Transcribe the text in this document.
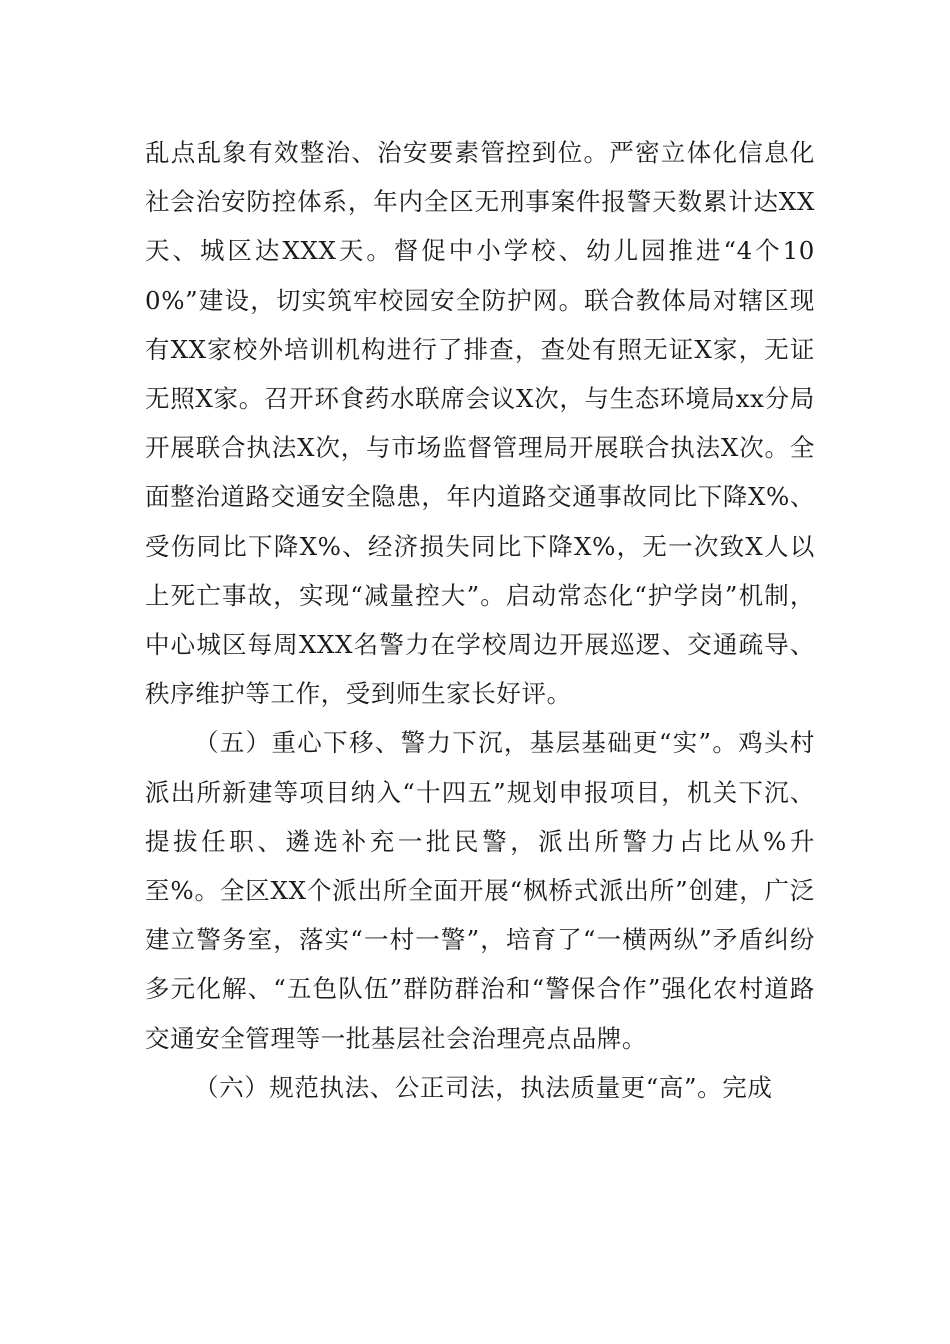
乱点乱象有效整治、治安要素管控到位。严密立体化信息化社会治安防控体系，年内全区无刑事案件报警天数累计达XX天、城区达XXX天。督促中小学校、幼儿园推进“4个100%”建设，切实筑牢校园安全防护网。联合教体局对辖区现有XX家校外培训机构进行了排查，查处有照无证X家，无证无照X家。召开环食药水联席会议X次，与生态环境局xx分局开展联合执法X次，与市场监督管理局开展联合执法X次。全面整治道路交通安全隐患，年内道路交通事故同比下降X%、受伤同比下降X%、经济损失同比下降X%，无一次致X人以上死亡事故，实现“减量控大”。启动常态化“护学岗”机制，中心城区每周XXX名警力在学校周边开展巡逻、交通疏导、秩序维护等工作，受到师生家长好评。

（五）重心下移、警力下沉，基层基础更“实”。鸡头村派出所新建等项目纳入“十四五”规划申报项目，机关下沉、提拔任职、遴选补充一批民警，派出所警力占比从%升至%。全区XX个派出所全面开展“枫桥式派出所”创建，广泛建立警务室，落实“一村一警”，培育了“一横两纵”矛盾纠纷多元化解、“五色队伍”群防群治和“警保合作”强化农村道路交通安全管理等一批基层社会治理亮点品牌。

（六）规范执法、公正司法，执法质量更“高”。完成
